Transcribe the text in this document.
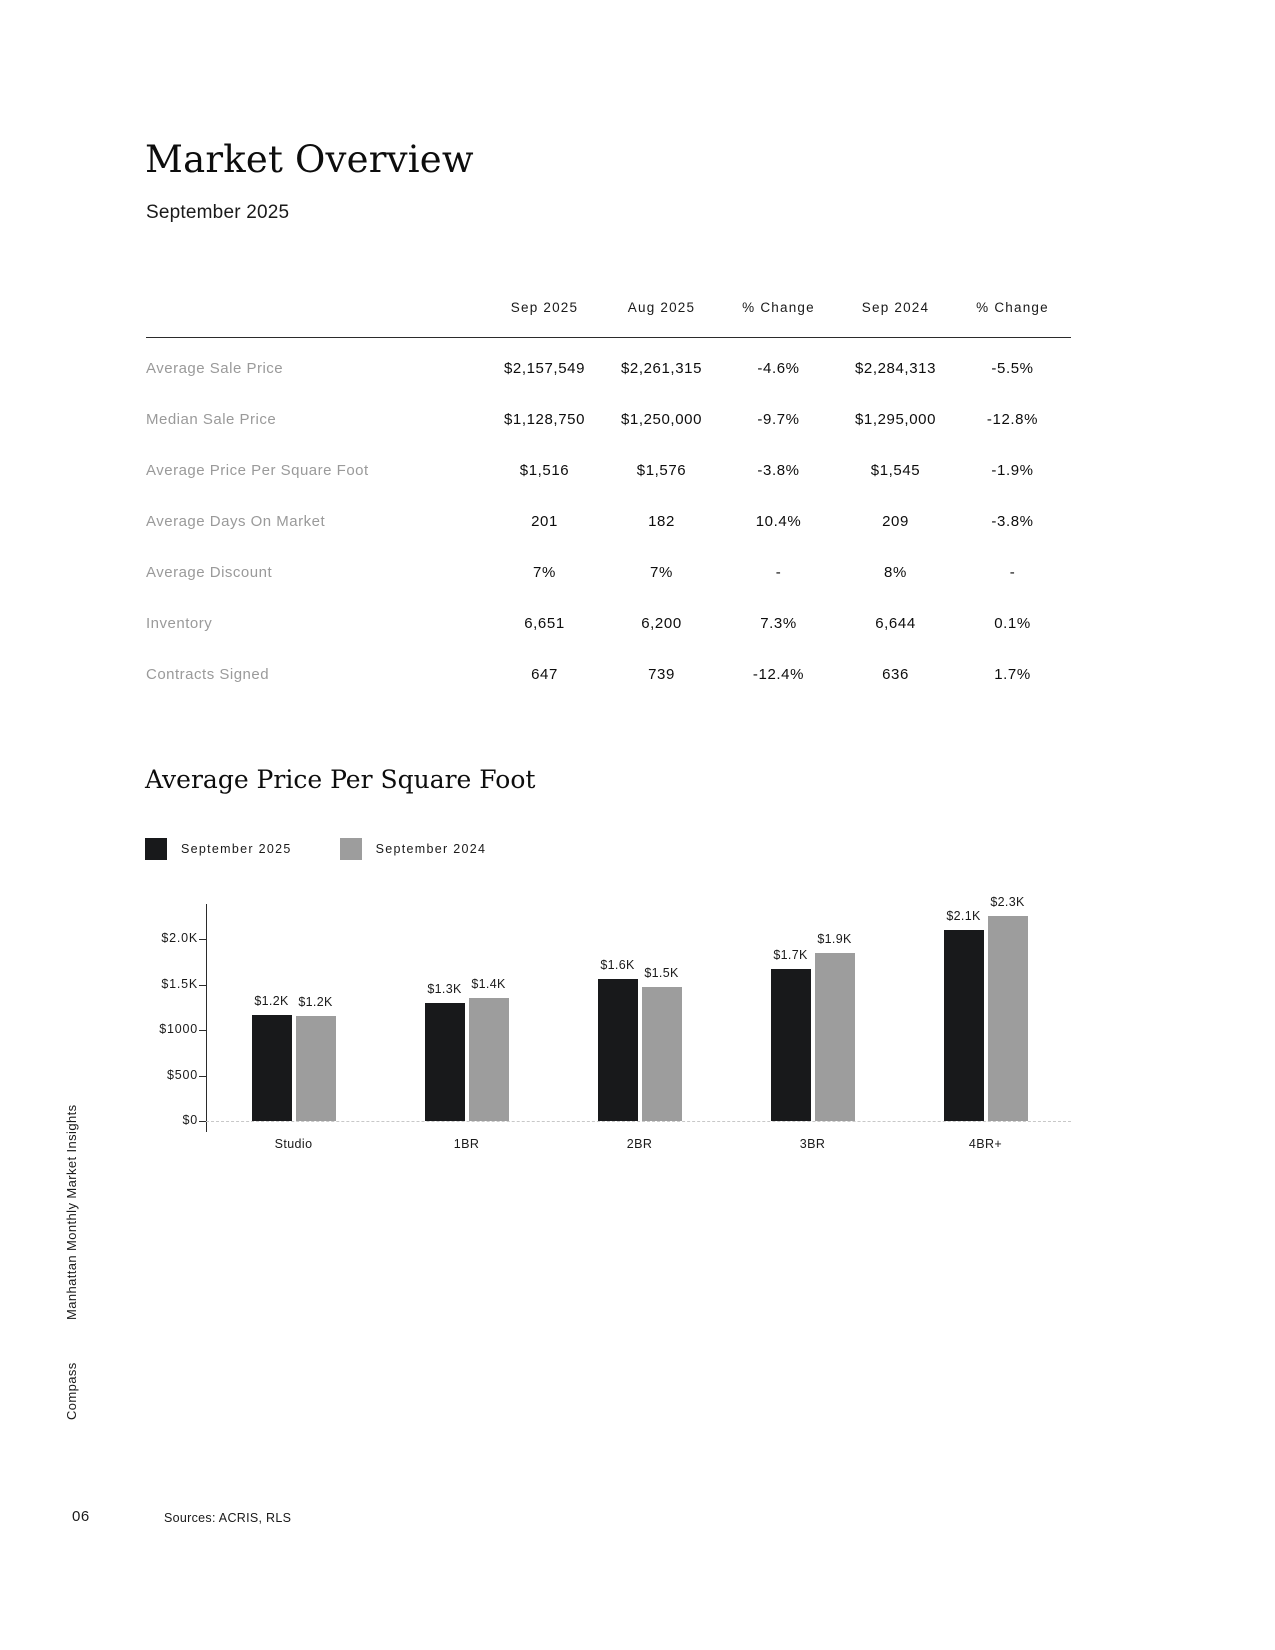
Market Overview
September 2025
	Sep 2025	Aug 2025	% Change	Sep 2024	% Change
Average Sale Price	$2,157,549	$2,261,315	-4.6%	$2,284,313	-5.5%
Median Sale Price	$1,128,750	$1,250,000	-9.7%	$1,295,000	-12.8%
Average Price Per Square Foot	$1,516	$1,576	-3.8%	$1,545	-1.9%
Average Days On Market	201	182	10.4%	209	-3.8%
Average Discount	7%	7%	-	8%	-
Inventory	6,651	6,200	7.3%	6,644	0.1%
Contracts Signed	647	739	-12.4%	636	1.7%
Average Price Per Square Foot
September 2025	September 2024
$0
$500
$1000
$1.5K
$2.0K
$1.2K $1.2K
Studio
$1.3K $1.4K
1BR
$1.6K
$1.5K
2BR
$1.7K
$1.9K
3BR
$2.1K
$2.3K
4BR+
Manhattan Monthly Market Insights
Compass
06	Sources: ACRIS, RLS
